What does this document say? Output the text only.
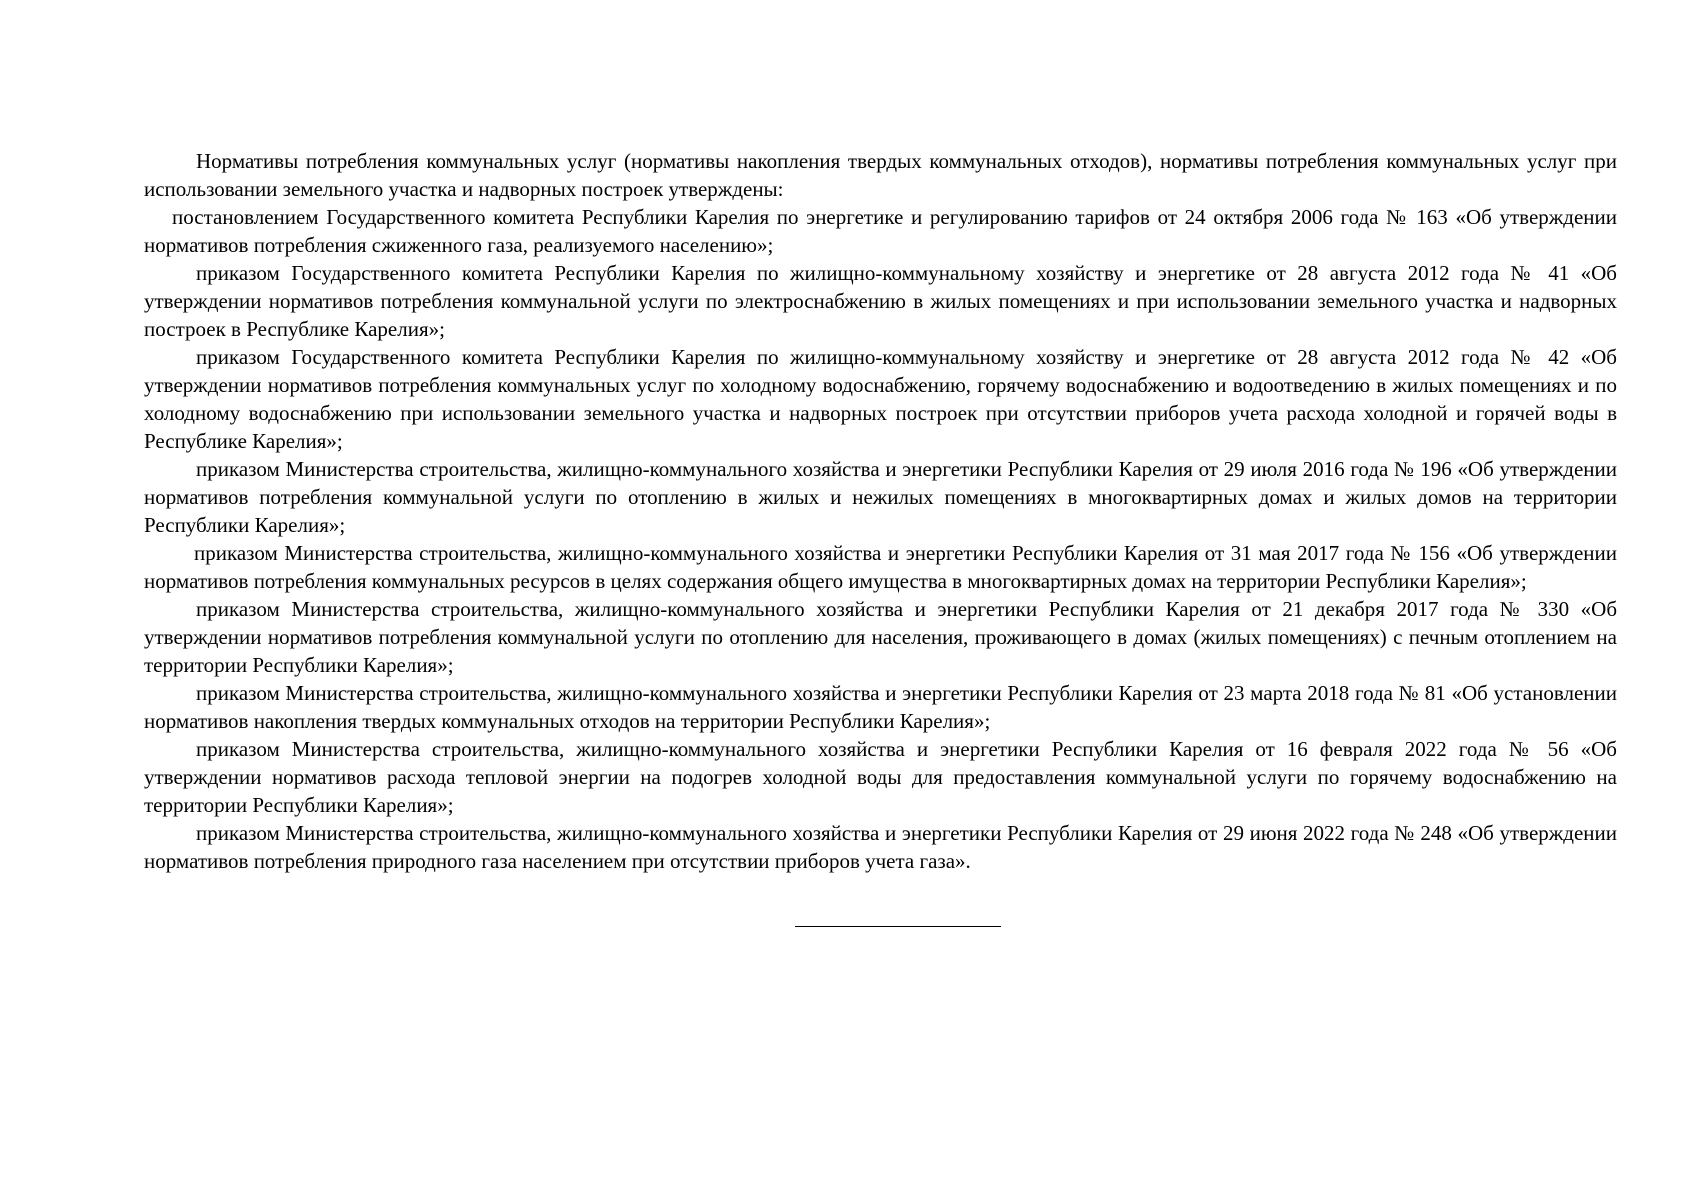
Нормативы потребления коммунальных услуг (нормативы накопления твердых коммунальных отходов), нормативы потребления коммунальных услуг при использовании земельного участка и надворных построек утверждены:

постановлением Государственного комитета Республики Карелия по энергетике и регулированию тарифов от 24 октября 2006 года № 163 «Об утверждении нормативов потребления сжиженного газа, реализуемого населению»;

приказом Государственного комитета Республики Карелия по жилищно-коммунальному хозяйству и энергетике от 28 августа 2012 года № 41 «Об утверждении нормативов потребления коммунальной услуги по электроснабжению в жилых помещениях и при использовании земельного участка и надворных построек в Республике Карелия»;

приказом Государственного комитета Республики Карелия по жилищно-коммунальному хозяйству и энергетике от 28 августа 2012 года № 42 «Об утверждении нормативов потребления коммунальных услуг по холодному водоснабжению, горячему водоснабжению и водоотведению в жилых помещениях и по холодному водоснабжению при использовании земельного участка и надворных построек при отсутствии приборов учета расхода холодной и горячей воды в Республике Карелия»;

приказом Министерства строительства, жилищно-коммунального хозяйства и энергетики Республики Карелия от 29 июля 2016 года № 196 «Об утверждении нормативов потребления коммунальной услуги по отоплению в жилых и нежилых помещениях в многоквартирных домах и жилых домов на территории Республики Карелия»;

приказом Министерства строительства, жилищно-коммунального хозяйства и энергетики Республики Карелия от 31 мая 2017 года № 156 «Об утверждении нормативов потребления коммунальных ресурсов в целях содержания общего имущества в многоквартирных домах на территории Республики Карелия»;

приказом Министерства строительства, жилищно-коммунального хозяйства и энергетики Республики Карелия от 21 декабря 2017 года № 330 «Об утверждении нормативов потребления коммунальной услуги по отоплению для населения, проживающего в домах (жилых помещениях) с печным отоплением на территории Республики Карелия»;

приказом Министерства строительства, жилищно-коммунального хозяйства и энергетики Республики Карелия от 23 марта 2018 года № 81 «Об установлении нормативов накопления твердых коммунальных отходов на территории Республики Карелия»;

приказом Министерства строительства, жилищно-коммунального хозяйства и энергетики Республики Карелия от 16 февраля 2022 года № 56 «Об утверждении нормативов расхода тепловой энергии на подогрев холодной воды для предоставления коммунальной услуги по горячему водоснабжению на территории Республики Карелия»;

приказом Министерства строительства, жилищно-коммунального хозяйства и энергетики Республики Карелия от 29 июня 2022 года № 248 «Об утверждении нормативов потребления природного газа населением при отсутствии приборов учета газа».
